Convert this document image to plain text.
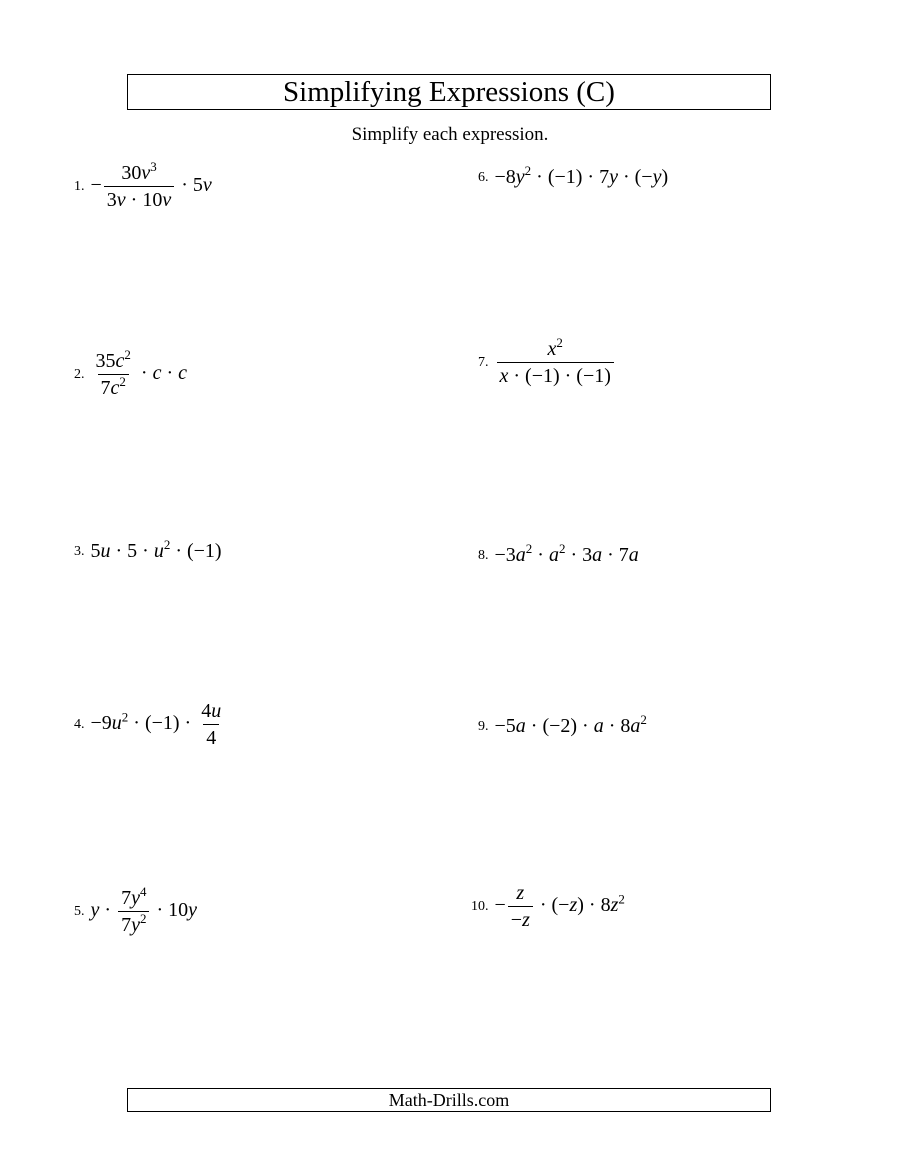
Simplifying Expressions (C)
Simplify each expression.
1. − $\frac{30v^3}{3v \cdot 10v} \cdot 5v$
2. $\frac{35c^2}{7c^2} \cdot c \cdot c$
3. $5u \cdot 5 \cdot u^2 \cdot (-1)$
4. $-9u^2 \cdot (-1) \cdot \frac{4u}{4}$
5. $y \cdot \frac{7y^4}{7y^2} \cdot 10y$
6. $-8y^2 \cdot (-1) \cdot 7y \cdot (-y)$
7. $\frac{x^2}{x \cdot (-1) \cdot (-1)}$
8. $-3a^2 \cdot a^2 \cdot 3a \cdot 7a$
9. $-5a \cdot (-2) \cdot a \cdot 8a^2$
10. − $\frac{z}{-z} \cdot (-z) \cdot 8z^2$
Math-Drills.com
